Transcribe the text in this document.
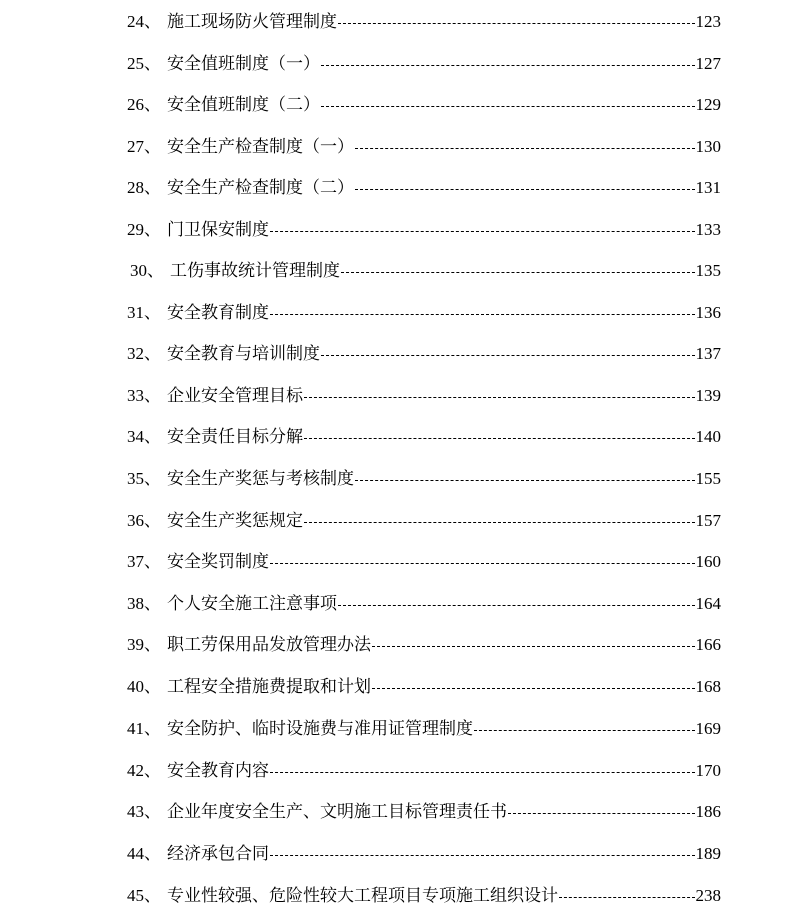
24 、 施工现场防火管理制度	123
25 、 安全值班制度（一）	127
26 、 安全值班制度（二）	129
27 、 安全生产检查制度（一）	130
28 、 安全生产检查制度（二）	131
29 、 门卫保安制度	133
30 、 工伤事故统计管理制度	135
31 、 安全教育制度	136
32 、 安全教育与培训制度	137
33 、 企业安全管理目标	139
34 、 安全责任目标分解	140
35 、 安全生产奖惩与考核制度	155
36 、 安全生产奖惩规定	157
37 、 安全奖罚制度	160
38 、 个人安全施工注意事项	164
39 、 职工劳保用品发放管理办法	166
40 、 工程安全措施费提取和计划	168
41 、 安全防护、临时设施费与准用证管理制度	169
42 、 安全教育内容	170
43 、 企业年度安全生产、文明施工目标管理责任书	186
44 、 经济承包合同	189
45 、 专业性较强、危险性较大工程项目专项施工组织设计	238
